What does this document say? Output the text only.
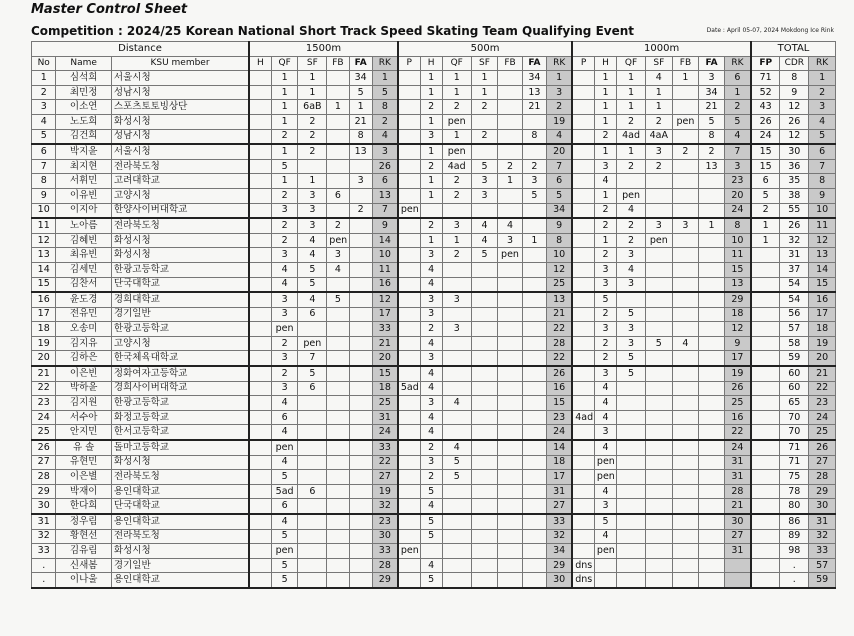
Master Control Sheet
Competition : 2024/25 Korean National Short Track Speed Skating Team Qualifying Event	Date : April 05-07, 2024 Mokdong Ice Rink
Distance			1500m						500m							1000m							TOTAL		
No	Name	KSU member	H	QF	SF	FB	FA	RK	P	H	QF	SF	FB	FA	RK	P	H	QF	SF	FB	FA	RK	FP	CDR	RK
1	심석희	서울시청		1	1		34	1		1	1	1		34	1		1	1	4	1	3	6	71	8	1
2	최민정	성남시청		1	1		5	5		1	1	1		13	3		1	1	1		34	1	52	9	2
3	이소연	스포츠토토빙상단		1	6aB	1	1	8		2	2	2		21	2		1	1	1		21	2	43	12	3
4	노도희	화성시청		1	2		21	2		1	pen				19		1	2	2	pen	5	5	26	26	4
5	김건희	성남시청		2	2		8	4		3	1	2		8	4		2	4ad	4aA		8	4	24	12	5
6	박지윤	서울시청		1	2		13	3		1	pen				20		1	1	3	2	2	7	15	30	6
7	최지현	전라북도청		5				26		2	4ad	5	2	2	7		3	2	2		13	3	15	36	7
8	서휘민	고려대학교		1	1		3	6		1	2	3	1	3	6		4					23	6	35	8
9	이유빈	고양시청		2	3	6		13		1	2	3		5	5		1	pen				20	5	38	9
10	이지아	한양사이버대학교		3	3		2	7	pen						34		2	4				24	2	55	10
11	노아름	전라북도청		2	3	2		9		2	3	4	4		9		2	2	3	3	1	8	1	26	11
12	김혜빈	화성시청		2	4	pen		14		1	1	4	3	1	8		1	2	pen			10	1	32	12
13	최유빈	화성시청		3	4	3		10		3	2	5	pen		10		2	3				11		31	13
14	김세민	한광고등학교		4	5	4		11		4					12		3	4				15		37	14
15	김찬서	단국대학교		4	5			16		4					25		3	3				13		54	15
16	윤도경	경희대학교		3	4	5		12		3	3				13		5					29		54	16
17	전유민	경기일반		3	6			17		3					21		2	5				18		56	17
18	오송미	한광고등학교		pen				33		2	3				22		3	3				12		57	18
19	김지유	고양시청		2	pen			21		4					28		2	3	5	4		9		58	19
20	김하은	한국체육대학교		3	7			20		3					22		2	5				17		59	20
21	이은빈	정화여자고등학교		2	5			15		4					26		3	5				19		60	21
22	박하윤	경희사이버대학교		3	6			18	5ad	4					16		4					26		60	22
23	김지원	한광고등학교		4				25		3	4				15		4					25		65	23
24	서수아	화정고등학교		6				31		4					23	4ad	4					16		70	24
25	안지민	한서고등학교		4				24		4					24		3					22		70	25
26	유 솔	돌마고등학교		pen				33		2	4				14		4					24		71	26
27	유현민	화성시청		4				22		3	5				18		pen					31		71	27
28	이은별	전라북도청		5				27		2	5				17		pen					31		75	28
29	박재이	용인대학교		5ad	6			19		5					31		4					28		78	29
30	한다희	단국대학교		6				32		4					27		3					21		80	30
31	정우림	용인대학교		4				23		5					33		5					30		86	31
32	황현선	전라북도청		5				30		5					32		4					27		89	32
33	김유림	화성시청		pen				33	pen						34		pen					31		98	33
.	신새봄	경기일반		5				28		4					29	dns								.	57
.	이나울	용인대학교		5				29		5					30	dns								.	59
